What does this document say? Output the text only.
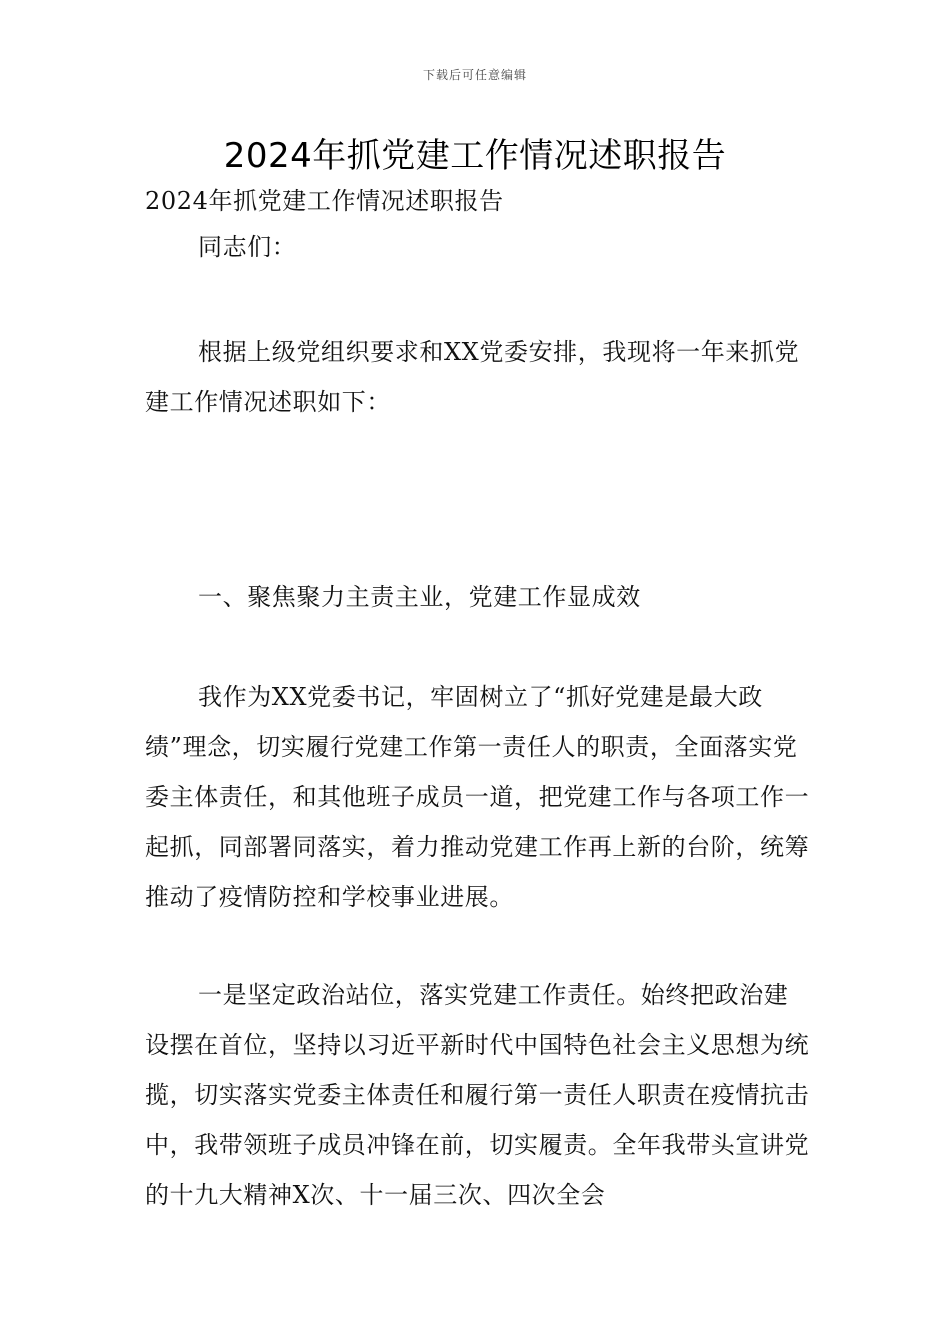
下载后可任意编辑
2024年抓党建工作情况述职报告

2024年抓党建工作情况述职报告

同志们：

根据上级党组织要求和XX党委安排，我现将一年来抓党建工作情况述职如下：

一、聚焦聚力主责主业，党建工作显成效

我作为XX党委书记，牢固树立了“抓好党建是最大政绩”理念，切实履行党建工作第一责任人的职责，全面落实党委主体责任，和其他班子成员一道，把党建工作与各项工作一起抓，同部署同落实，着力推动党建工作再上新的台阶，统筹推动了疫情防控和学校事业进展。

一是坚定政治站位，落实党建工作责任。始终把政治建设摆在首位，坚持以习近平新时代中国特色社会主义思想为统揽，切实落实党委主体责任和履行第一责任人职责在疫情抗击中，我带领班子成员冲锋在前，切实履责。全年我带头宣讲党的十九大精神X次、十一届三次、四次全会
